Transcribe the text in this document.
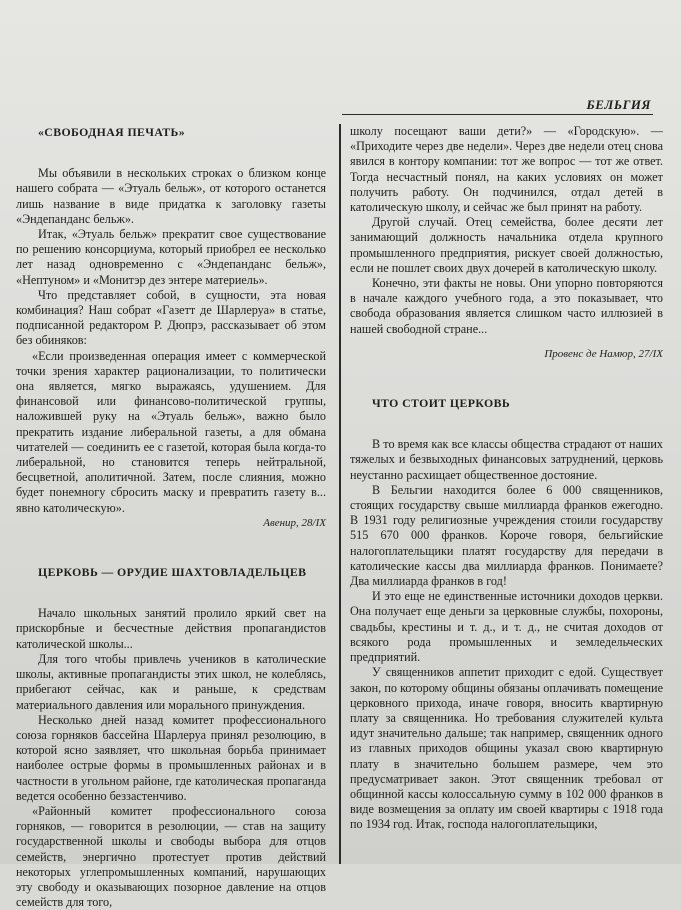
БЕЛЬГИЯ

«СВОБОДНАЯ ПЕЧАТЬ»

Мы объявили в нескольких строках о близком конце нашего собрата — «Этуаль бельж», от которого останется лишь название в виде придатка к заголовку газеты «Эндепанданс бельж».

Итак, «Этуаль бельж» прекратит свое существование по решению консорциума, который приобрел ее несколько лет назад одновременно с «Эндепанданс бельж», «Нептуном» и «Монитэр дез энтере материель».

Что представляет собой, в сущности, эта новая комбинация? Наш собрат «Газетт де Шарлеруа» в статье, подписанной редактором Р. Дюпрэ, рассказывает об этом без обиняков:

«Если произведенная операция имеет с коммерческой точки зрения характер рационализации, то политически она является, мягко выражаясь, удушением. Для финансовой или финансово-политической группы, наложившей руку на «Этуаль бельж», важно было прекратить издание либеральной газеты, а для обмана читателей — соединить ее с газетой, которая была когда-то либеральной, но становится теперь нейтральной, бесцветной, аполитичной. Затем, после слияния, можно будет понемногу сбросить маску и превратить газету в... явно католическую».

Авенир, 28/IX

ЦЕРКОВЬ — ОРУДИЕ ШАХТОВЛАДЕЛЬЦЕВ

Начало школьных занятий пролило яркий свет на прискорбные и бесчестные действия пропагандистов католической школы...

Для того чтобы привлечь учеников в католические школы, активные пропагандисты этих школ, не колеблясь, прибегают сейчас, как и раньше, к средствам материального давления или морального принуждения.

Несколько дней назад комитет профессионального союза горняков бассейна Шарлеруа принял резолюцию, в которой ясно заявляет, что школьная борьба принимает наиболее острые формы в промышленных районах и в частности в угольном районе, где католическая пропаганда ведется особенно беззастенчиво.

«Районный комитет профессионального союза горняков, — говорится в резолюции, — став на защиту государственной школы и свободы выбора для отцов семейств, энергично протестует против действий некоторых углепромышленных компаний, нарушающих эту свободу и оказывающих позорное давление на отцов семейств для того,

школу посещают ваши дети?» — «Городскую». — «Приходите через две недели». Через две недели отец снова явился в контору компании: тот же вопрос — тот же ответ. Тогда несчастный понял, на каких условиях он может получить работу. Он подчинился, отдал детей в католическую школу, и сейчас же был принят на работу.

Другой случай. Отец семейства, более десяти лет занимающий должность начальника отдела крупного промышленного предприятия, рискует своей должностью, если не пошлет своих двух дочерей в католическую школу.

Конечно, эти факты не новы. Они упорно повторяются в начале каждого учебного года, а это показывает, что свобода образования является слишком часто иллюзией в нашей свободной стране...

Провенс де Намюр, 27/IX

ЧТО СТОИТ ЦЕРКОВЬ

В то время как все классы общества страдают от наших тяжелых и безвыходных финансовых затруднений, церковь неустанно расхищает общественное достояние.

В Бельгии находится более 6 000 священников, стоящих государству свыше миллиарда франков ежегодно. В 1931 году религиозные учреждения стоили государству 515 670 000 франков. Короче говоря, бельгийские налогоплательщики платят государству для передачи в католические кассы два миллиарда франков. Понимаете? Два миллиарда франков в год!

И это еще не единственные источники доходов церкви. Она получает еще деньги за церковные службы, похороны, свадьбы, крестины и т. д., и т. д., не считая доходов от всякого рода промышленных и земледельческих предприятий.

У священников аппетит приходит с едой. Существует закон, по которому общины обязаны оплачивать помещение церковного прихода, иначе говоря, вносить квартирную плату за священника. Но требования служителей культа идут значительно дальше; так например, священник одного из главных приходов общины указал свою квартирную плату в значительно большем размере, чем это предусматривает закон. Этот священник требовал от общинной кассы колоссальную сумму в 102 000 франков в виде возмещения за оплату им своей квартиры с 1918 года по 1934 год. Итак, господа налогоплательщики,
